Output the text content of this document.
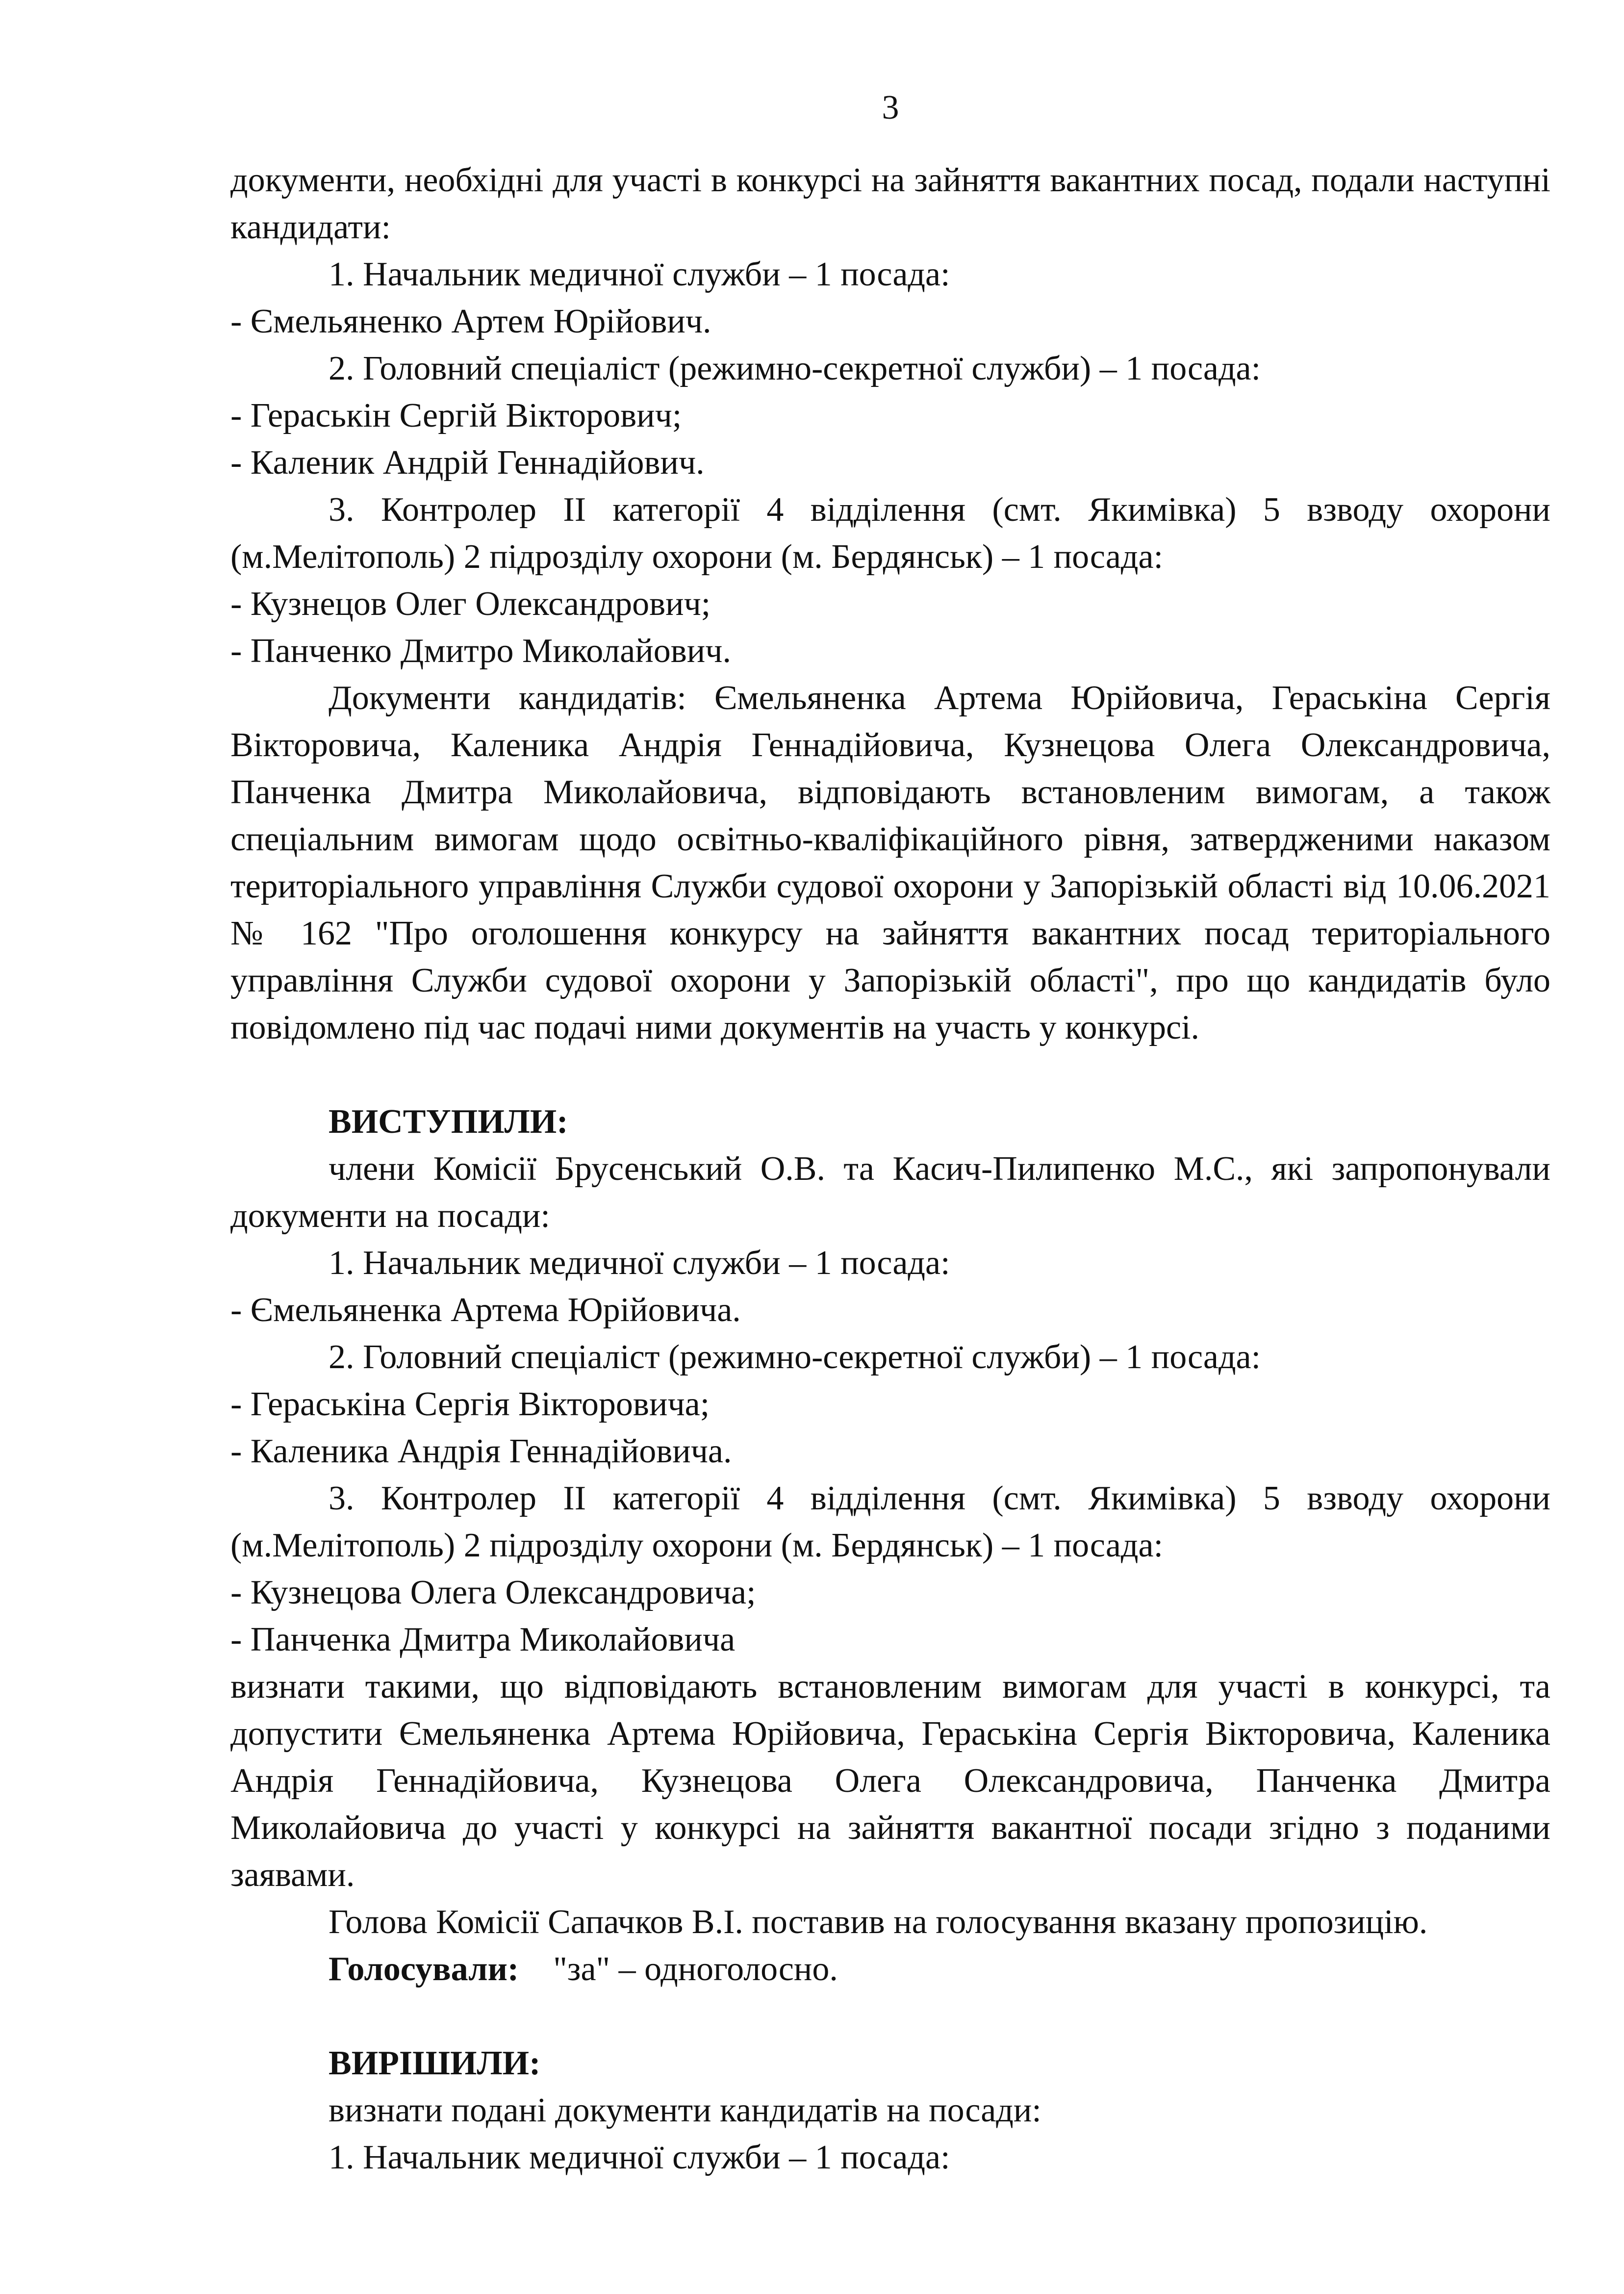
3

документи, необхідні для участі в конкурсі на зайняття вакантних посад, подали наступні кандидати:

1. Начальник медичної служби – 1 посада:

- Ємельяненко Артем Юрійович.

2. Головний спеціаліст (режимно-секретної служби) – 1 посада:

- Гераськін Сергій Вікторович;

- Каленик Андрій Геннадійович.

3. Контролер ІІ категорії 4 відділення (смт. Якимівка) 5 взводу охорони (м.Мелітополь) 2 підрозділу охорони (м. Бердянськ) – 1 посада:

- Кузнецов Олег Олександрович;

- Панченко Дмитро Миколайович.

Документи кандидатів: Ємельяненка Артема Юрійовича, Гераськіна Сергія Вікторовича, Каленика Андрія Геннадійовича, Кузнецова Олега Олександровича, Панченка Дмитра Миколайовича, відповідають встановленим вимогам, а також спеціальним вимогам щодо освітньо-кваліфікаційного рівня, затвердженими наказом територіального управління Служби судової охорони у Запорізькій області від 10.06.2021 № 162 "Про оголошення конкурсу на зайняття вакантних посад територіального управління Служби судової охорони у Запорізькій області", про що кандидатів було повідомлено під час подачі ними документів на участь у конкурсі.

ВИСТУПИЛИ:

члени Комісії Брусенський О.В. та Касич-Пилипенко М.С., які запропонували документи на посади:

1. Начальник медичної служби – 1 посада:

- Ємельяненка Артема Юрійовича.

2. Головний спеціаліст (режимно-секретної служби) – 1 посада:

- Гераськіна Сергія Вікторовича;

- Каленика Андрія Геннадійовича.

3. Контролер ІІ категорії 4 відділення (смт. Якимівка) 5 взводу охорони (м.Мелітополь) 2 підрозділу охорони (м. Бердянськ) – 1 посада:

- Кузнецова Олега Олександровича;

- Панченка Дмитра Миколайовича

визнати такими, що відповідають встановленим вимогам для участі в конкурсі, та допустити Ємельяненка Артема Юрійовича, Гераськіна Сергія Вікторовича, Каленика Андрія Геннадійовича, Кузнецова Олега Олександровича, Панченка Дмитра Миколайовича до участі у конкурсі на зайняття вакантної посади згідно з поданими заявами.

Голова Комісії Сапачков В.І. поставив на голосування вказану пропозицію.

Голосували: "за" – одноголосно.

ВИРІШИЛИ:

визнати подані документи кандидатів на посади:

1. Начальник медичної служби – 1 посада:
